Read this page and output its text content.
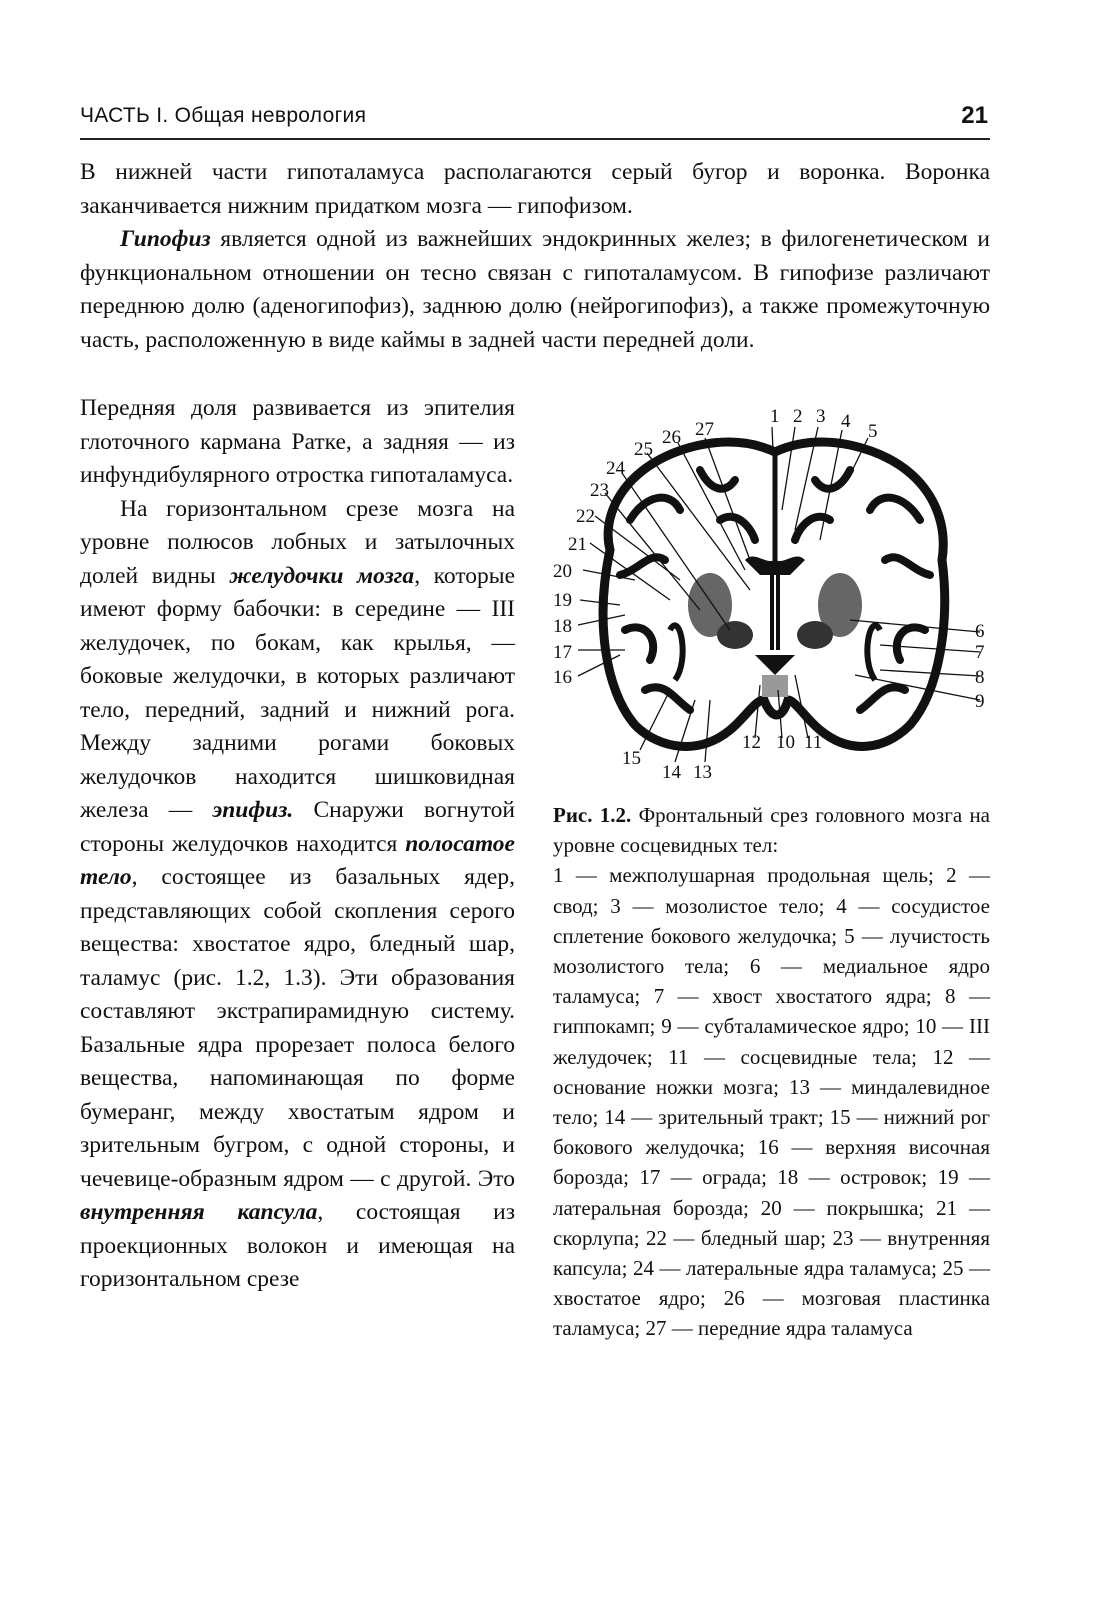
ЧАСТЬ I. Общая неврология	21

В нижней части гипоталамуса располагаются серый бугор и воронка. Воронка заканчивается нижним придатком мозга — гипофизом.

Гипофиз является одной из важнейших эндокринных желез; в филогенетическом и функциональном отношении он тесно связан с гипоталамусом. В гипофизе различают переднюю долю (аденогипофиз), заднюю долю (нейрогипофиз), а также промежуточную часть, расположенную в виде каймы в задней части передней доли.

Передняя доля развивается из эпителия глоточного кармана Ратке, а задняя — из инфундибулярного отростка гипоталамуса.

На горизонтальном срезе мозга на уровне полюсов лобных и затылочных долей видны желудочки мозга, которые имеют форму бабочки: в середине — III желудочек, по бокам, как крылья, — боковые желудочки, в которых различают тело, передний, задний и нижний рога. Между задними рогами боковых желудочков находится шишковидная железа — эпифиз. Снаружи вогнутой стороны желудочков находится полосатое тело, состоящее из базальных ядер, представляющих собой скопления серого вещества: хвостатое ядро, бледный шар, таламус (рис. 1.2, 1.3). Эти образования составляют экстрапирамидную систему. Базальные ядра прорезает полоса белого вещества, напоминающая по форме бумеранг, между хвостатым ядром и зрительным бугром, с одной стороны, и чечевице-образным ядром — с другой. Это внутренняя капсула, состоящая из проекционных волокон и имеющая на горизонтальном срезе

1 2 3 4 5
6
7
8
9
10 11
12
13
14
15
16
17
18
19
20
21
22
23
24
25
26 27

Рис. 1.2. Фронтальный срез головного мозга на уровне сосцевидных тел:

1 — межполушарная продольная щель; 2 — свод; 3 — мозолистое тело; 4 — сосудистое сплетение бокового желудочка; 5 — лучистость мозолистого тела; 6 — медиальное ядро таламуса; 7 — хвост хвостатого ядра; 8 — гиппокамп; 9 — субталамическое ядро; 10 — III желудочек; 11 — сосцевидные тела; 12 — основание ножки мозга; 13 — миндалевидное тело; 14 — зрительный тракт; 15 — нижний рог бокового желудочка; 16 — верхняя височная борозда; 17 — ограда; 18 — островок; 19 — латеральная борозда; 20 — покрышка; 21 — скорлупа; 22 — бледный шар; 23 — внутренняя капсула; 24 — латеральные ядра таламуса; 25 — хвостатое ядро; 26 — мозговая пластинка таламуса; 27 — передние ядра таламуса
